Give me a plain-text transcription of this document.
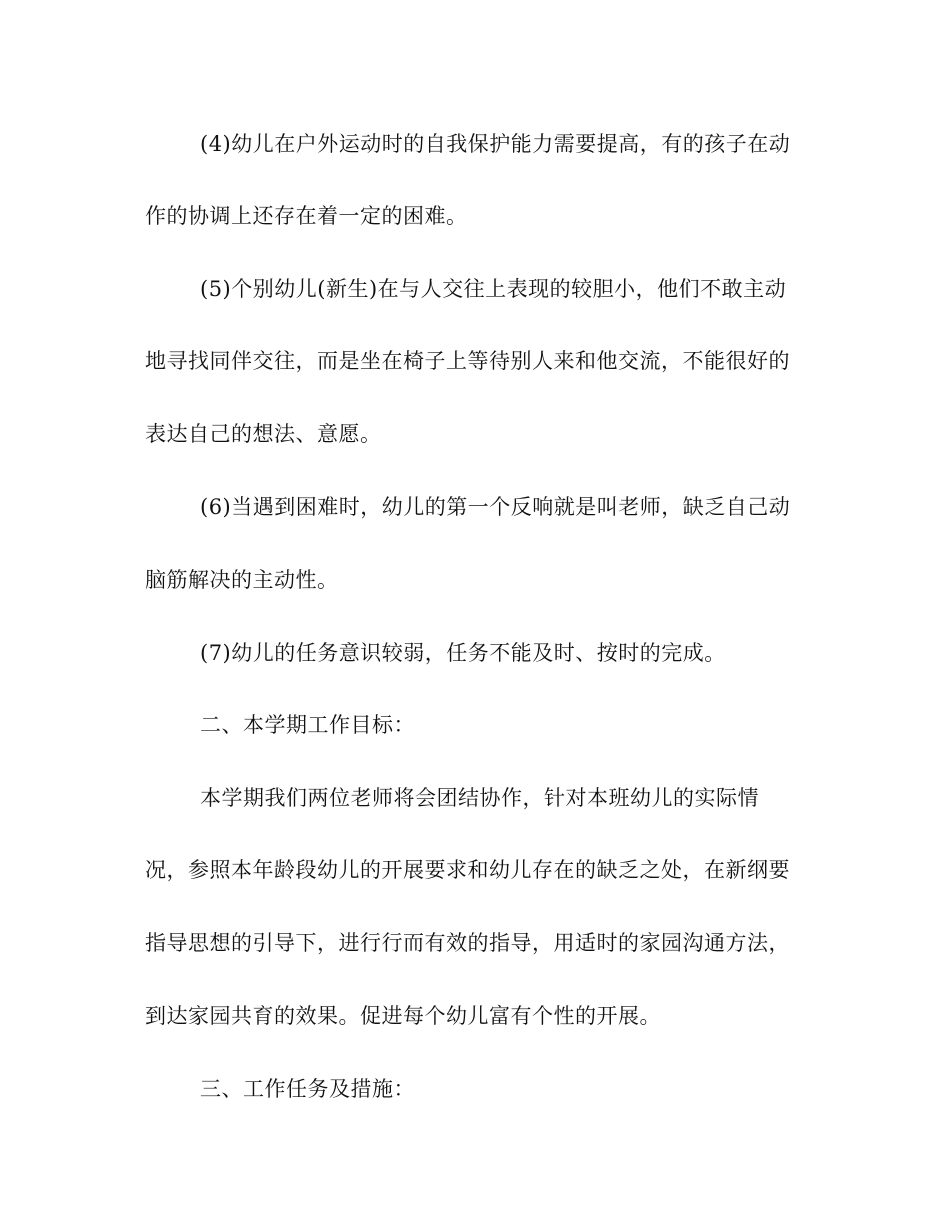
(4)幼儿在户外运动时的自我保护能力需要提高，有的孩子在动
作的协调上还存在着一定的困难。
(5)个别幼儿(新生)在与人交往上表现的较胆小，他们不敢主动
地寻找同伴交往，而是坐在椅子上等待别人来和他交流，不能很好的
表达自己的想法、意愿。
(6)当遇到困难时，幼儿的第一个反响就是叫老师，缺乏自己动
脑筋解决的主动性。
(7)幼儿的任务意识较弱，任务不能及时、按时的完成。
二、本学期工作目标：
本学期我们两位老师将会团结协作，针对本班幼儿的实际情
况，参照本年龄段幼儿的开展要求和幼儿存在的缺乏之处，在新纲要
指导思想的引导下，进行行而有效的指导，用适时的家园沟通方法，
到达家园共育的效果。促进每个幼儿富有个性的开展。
三、工作任务及措施：
